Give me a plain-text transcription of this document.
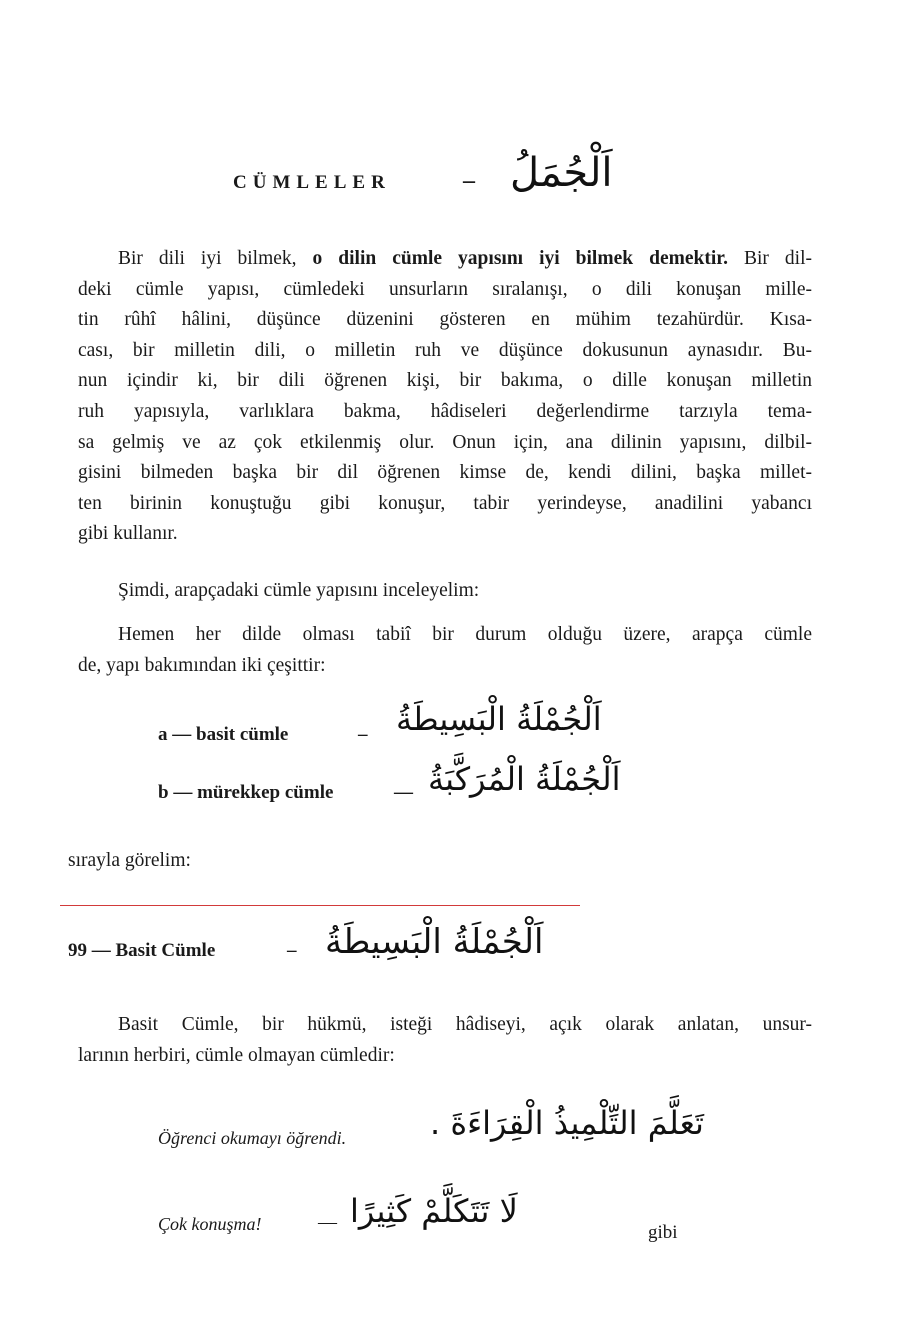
CÜMLELER	– اَلْجُمَلُ
Bir dili iyi bilmek, o dilin cümle yapısını iyi bilmek demektir. Bir dil-
deki cümle yapısı, cümledeki unsurların sıralanışı, o dili konuşan mille-
tin rûhî hâlini, düşünce düzenini gösteren en mühim tezahürdür. Kısa-
cası, bir milletin dili, o milletin ruh ve düşünce dokusunun aynasıdır. Bu-
nun içindir ki, bir dili öğrenen kişi, bir bakıma, o dille konuşan milletin
ruh yapısıyla, varlıklara bakma, hâdiseleri değerlendirme tarzıyla tema-
sa gelmiş ve az çok etkilenmiş olur. Onun için, ana dilinin yapısını, dilbil-
gisini bilmeden başka bir dil öğrenen kimse de, kendi dilini, başka millet-
ten birinin konuştuğu gibi konuşur, tabir yerindeyse, anadilini yabancı
gibi kullanır.
Şimdi, arapçadaki cümle yapısını inceleyelim:
Hemen her dilde olması tabiî bir durum olduğu üzere, arapça cümle
de, yapı bakımından iki çeşittir:
a — basit cümle	– اَلْجُمْلَةُ الْبَسِيطَةُ
b — mürekkep cümle	— اَلْجُمْلَةُ الْمُرَكَّبَةُ
sırayla görelim:
99 — Basit Cümle	– اَلْجُمْلَةُ الْبَسِيطَةُ
Basit Cümle, bir hükmü, isteği hâdiseyi, açık olarak anlatan, unsur-
larının herbiri, cümle olmayan cümledir:
Öğrenci okumayı öğrendi.	تَعَلَّمَ التِّلْمِيذُ الْقِرَاءَةَ .
Çok konuşma!	— لَا تَتَكَلَّمْ كَثِيرًا
gibi
